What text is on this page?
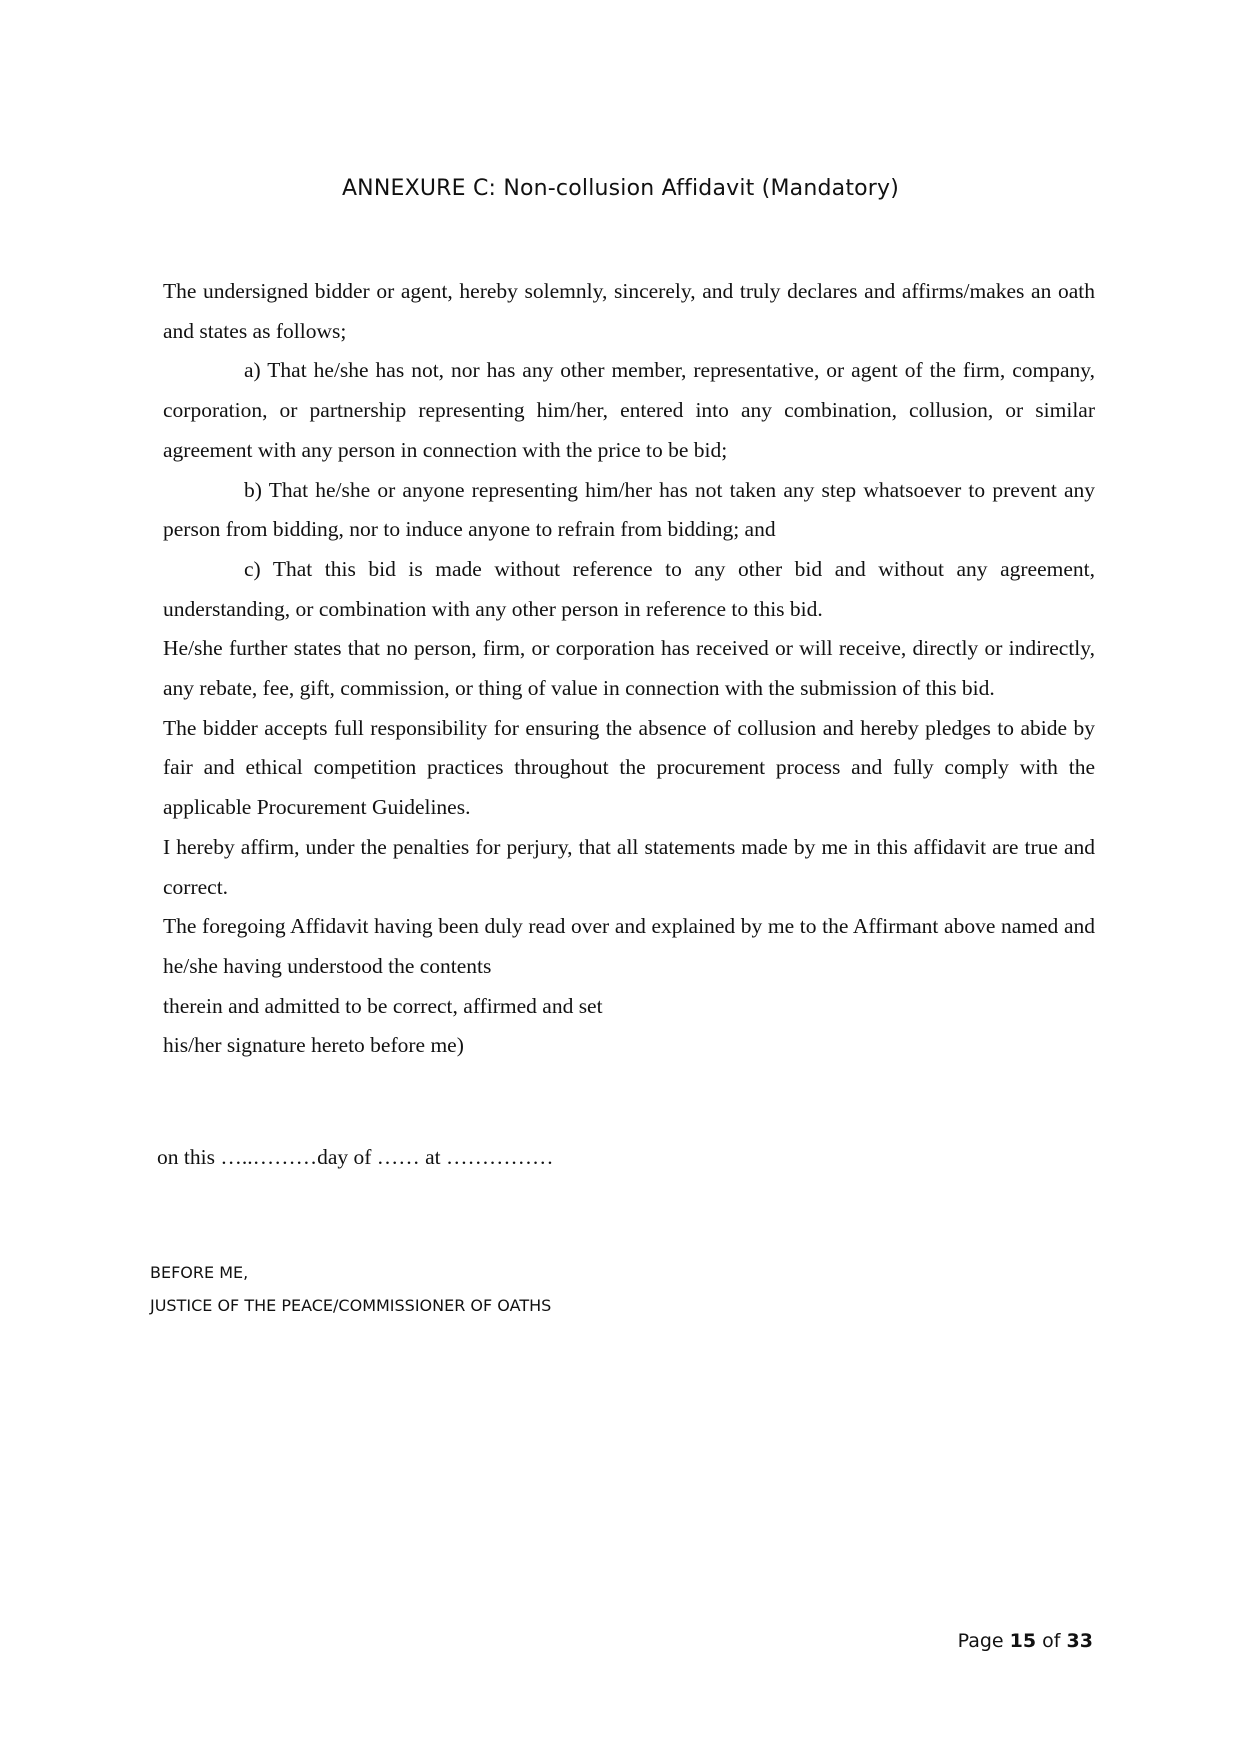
ANNEXURE C: Non-collusion Affidavit (Mandatory)

The undersigned bidder or agent, hereby solemnly, sincerely, and truly declares and affirms/makes an oath and states as follows;

a) That he/she has not, nor has any other member, representative, or agent of the firm, company, corporation, or partnership representing him/her, entered into any combination, collusion, or similar agreement with any person in connection with the price to be bid;

b) That he/she or anyone representing him/her has not taken any step whatsoever to prevent any person from bidding, nor to induce anyone to refrain from bidding; and

c) That this bid is made without reference to any other bid and without any agreement, understanding, or combination with any other person in reference to this bid.

He/she further states that no person, firm, or corporation has received or will receive, directly or indirectly, any rebate, fee, gift, commission, or thing of value in connection with the submission of this bid.

The bidder accepts full responsibility for ensuring the absence of collusion and hereby pledges to abide by fair and ethical competition practices throughout the procurement process and fully comply with the applicable Procurement Guidelines.

I hereby affirm, under the penalties for perjury, that all statements made by me in this affidavit are true and correct.

The foregoing Affidavit having been duly read over and explained by me to the Affirmant above named and he/she having understood the contents

therein and admitted to be correct, affirmed and set

his/her signature hereto before me)

on this …..………day of …… at ……………
BEFORE ME,
JUSTICE OF THE PEACE/COMMISSIONER OF OATHS
Page 15 of 33
